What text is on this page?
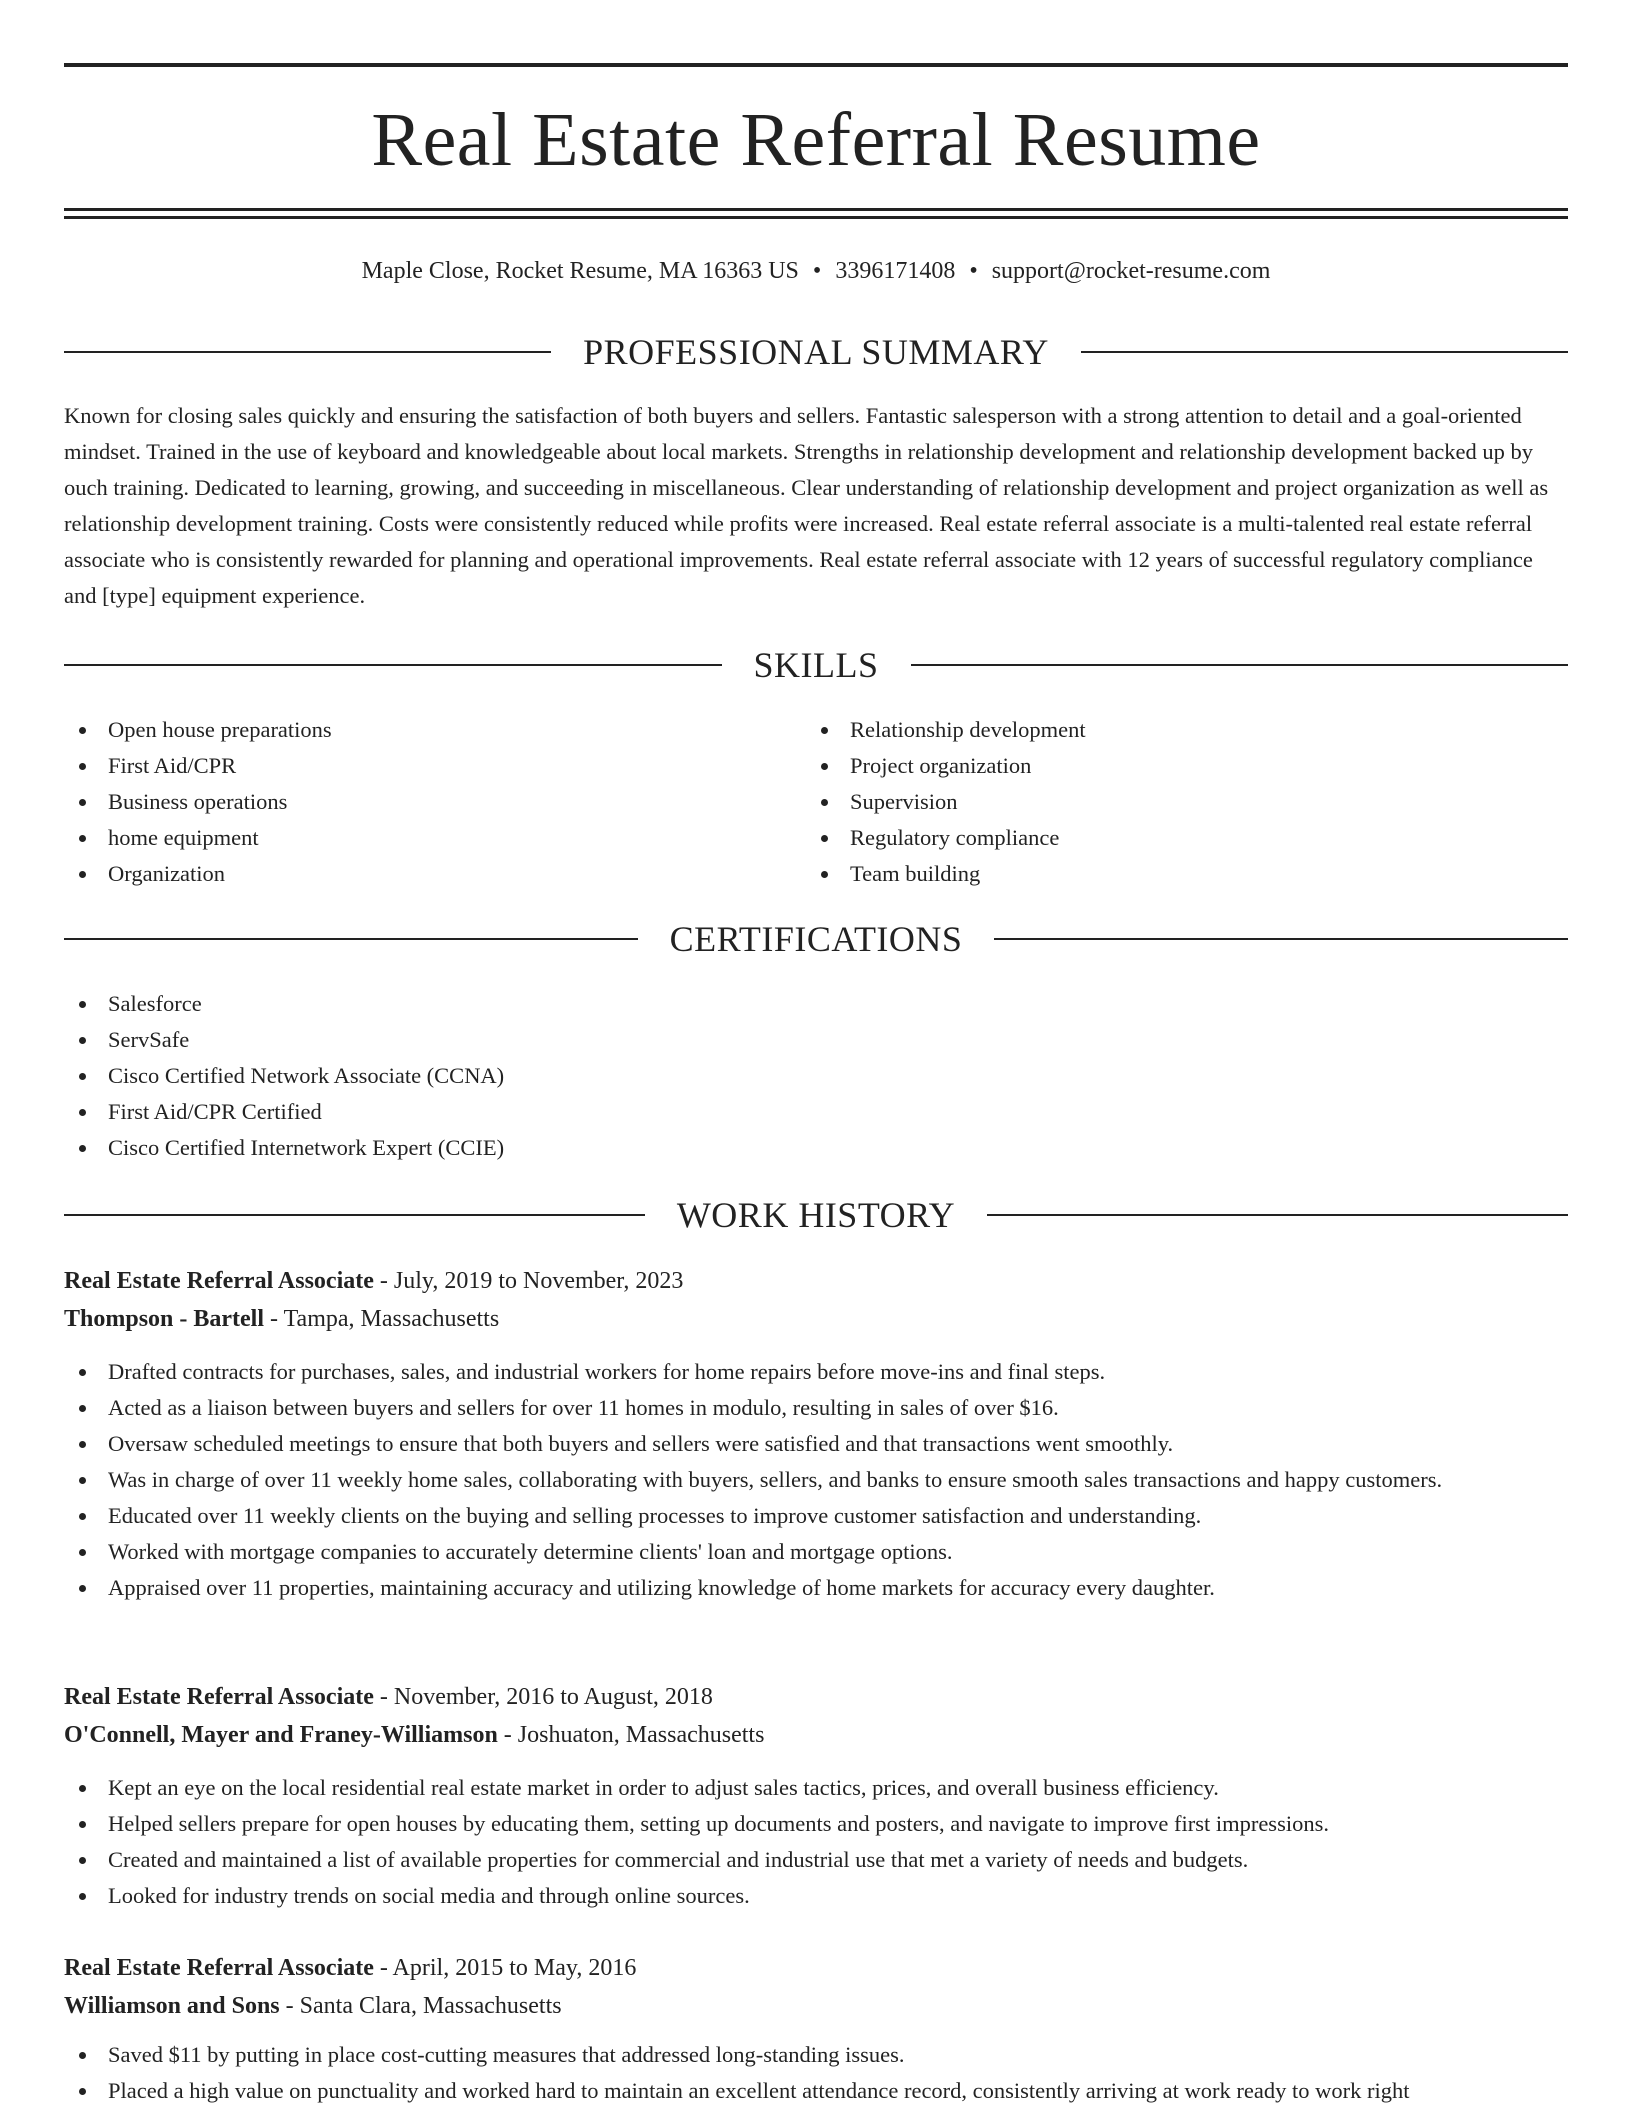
Real Estate Referral Resume
Maple Close, Rocket Resume, MA 16363 US • 3396171408 • support@rocket-resume.com
PROFESSIONAL SUMMARY

Known for closing sales quickly and ensuring the satisfaction of both buyers and sellers. Fantastic salesperson with a strong attention to detail and a goal-oriented mindset. Trained in the use of keyboard and knowledgeable about local markets. Strengths in relationship development and relationship development backed up by ouch training. Dedicated to learning, growing, and succeeding in miscellaneous. Clear understanding of relationship development and project organization as well as relationship development training. Costs were consistently reduced while profits were increased. Real estate referral associate is a multi-talented real estate referral associate who is consistently rewarded for planning and operational improvements. Real estate referral associate with 12 years of successful regulatory compliance and [type] equipment experience.

SKILLS
Open house preparations
First Aid/CPR
Business operations
home equipment
Organization
Relationship development
Project organization
Supervision
Regulatory compliance
Team building
CERTIFICATIONS
Salesforce
ServSafe
Cisco Certified Network Associate (CCNA)
First Aid/CPR Certified
Cisco Certified Internetwork Expert (CCIE)
WORK HISTORY

Real Estate Referral Associate - July, 2019 to November, 2023

Thompson - Bartell - Tampa, Massachusetts

Drafted contracts for purchases, sales, and industrial workers for home repairs before move-ins and final steps.
Acted as a liaison between buyers and sellers for over 11 homes in modulo, resulting in sales of over $16.
Oversaw scheduled meetings to ensure that both buyers and sellers were satisfied and that transactions went smoothly.
Was in charge of over 11 weekly home sales, collaborating with buyers, sellers, and banks to ensure smooth sales transactions and happy customers.
Educated over 11 weekly clients on the buying and selling processes to improve customer satisfaction and understanding.
Worked with mortgage companies to accurately determine clients' loan and mortgage options.
Appraised over 11 properties, maintaining accuracy and utilizing knowledge of home markets for accuracy every daughter.

Real Estate Referral Associate - November, 2016 to August, 2018

O'Connell, Mayer and Franey-Williamson - Joshuaton, Massachusetts

Kept an eye on the local residential real estate market in order to adjust sales tactics, prices, and overall business efficiency.
Helped sellers prepare for open houses by educating them, setting up documents and posters, and navigate to improve first impressions.
Created and maintained a list of available properties for commercial and industrial use that met a variety of needs and budgets.
Looked for industry trends on social media and through online sources.

Real Estate Referral Associate - April, 2015 to May, 2016

Williamson and Sons - Santa Clara, Massachusetts

Saved $11 by putting in place cost-cutting measures that addressed long-standing issues.
Placed a high value on punctuality and worked hard to maintain an excellent attendance record, consistently arriving at work ready to work right
